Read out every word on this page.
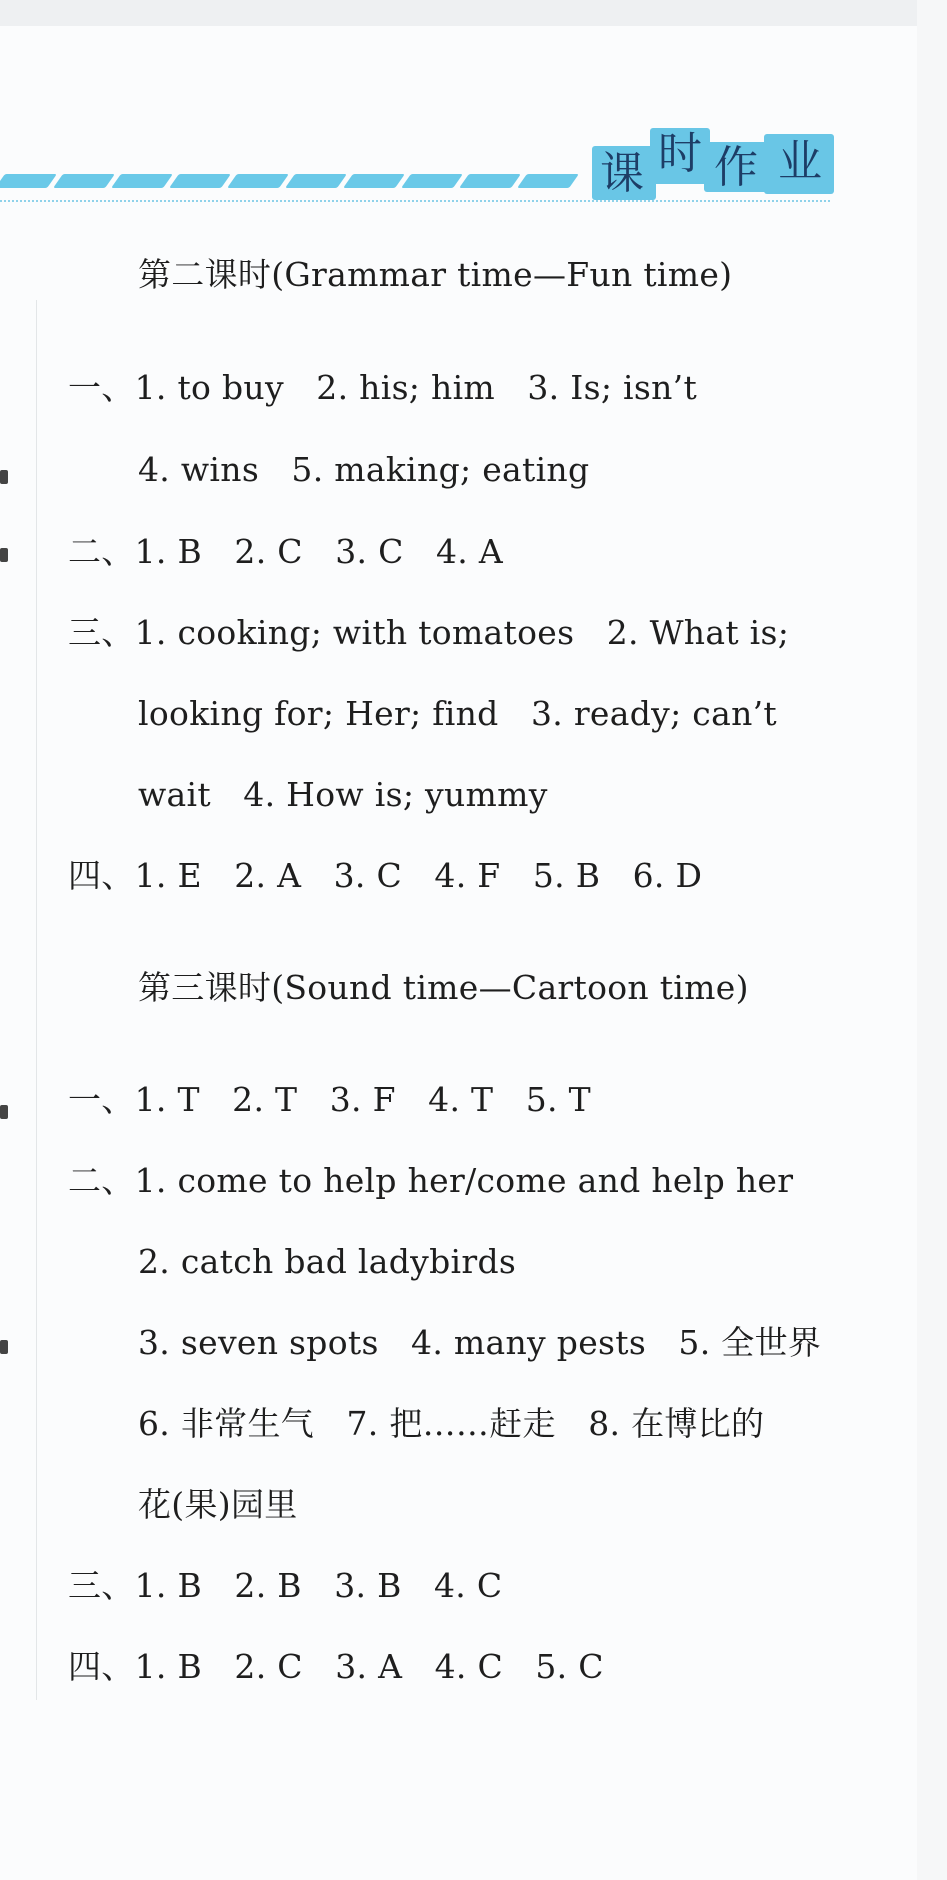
课 时 作 业
第二课时(Grammar time—Fun time)
一、1. to buy   2. his; him   3. Is; isn’t
4. wins   5. making; eating
二、1. B   2. C   3. C   4. A
三、1. cooking; with tomatoes   2. What is;
looking for; Her; find   3. ready; can’t
wait   4. How is; yummy
四、1. E   2. A   3. C   4. F   5. B   6. D
第三课时(Sound time—Cartoon time)
一、1. T   2. T   3. F   4. T   5. T
二、1. come to help her/come and help her
2. catch bad ladybirds
3. seven spots   4. many pests   5. 全世界
6. 非常生气   7. 把……赶走   8. 在博比的
花(果)园里
三、1. B   2. B   3. B   4. C
四、1. B   2. C   3. A   4. C   5. C
